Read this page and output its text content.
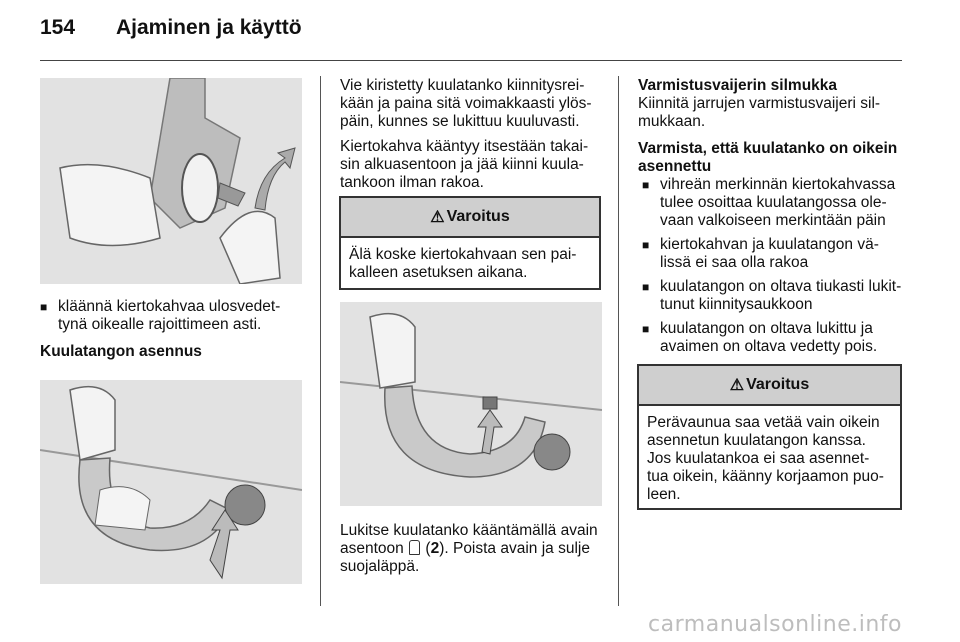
154 Ajaminen ja käyttö

■ kläännä kiertokahvaa ulosvedet-
tynä oikealle rajoittimeen asti.

Kuulatangon asennus

Vie kiristetty kuulatanko kiinnitysrei-
kään ja paina sitä voimakkaasti ylös-
päin, kunnes se lukittuu kuuluvasti.

Kiertokahva kääntyy itsestään takai-
sin alkuasentoon ja jää kiinni kuula-
tankoon ilman rakoa.

⚠ Varoitus
Älä koske kiertokahvaan sen pai-
kalleen asetuksen aikana.

Lukitse kuulatanko kääntämällä avain
asentoon (2). Poista avain ja sulje
suojaläppä.

Varmistusvaijerin silmukka

Kiinnitä jarrujen varmistusvaijeri sil-
mukkaan.

Varmista, että kuulatanko on oikein
asennettu

■ vihreän merkinnän kiertokahvassa
tulee osoittaa kuulatangossa ole-
vaan valkoiseen merkintään päin

■ kiertokahvan ja kuulatangon vä-
lissä ei saa olla rakoa

■ kuulatangon on oltava tiukasti lukit-
tunut kiinnitysaukkoon

■ kuulatangon on oltava lukittu ja
avaimen on oltava vedetty pois.

⚠ Varoitus
Perävaunua saa vetää vain oikein
asennetun kuulatangon kanssa.
Jos kuulatankoa ei saa asennet-
tua oikein, käänny korjaamon puo-
leen.
carmanualsonline.info
